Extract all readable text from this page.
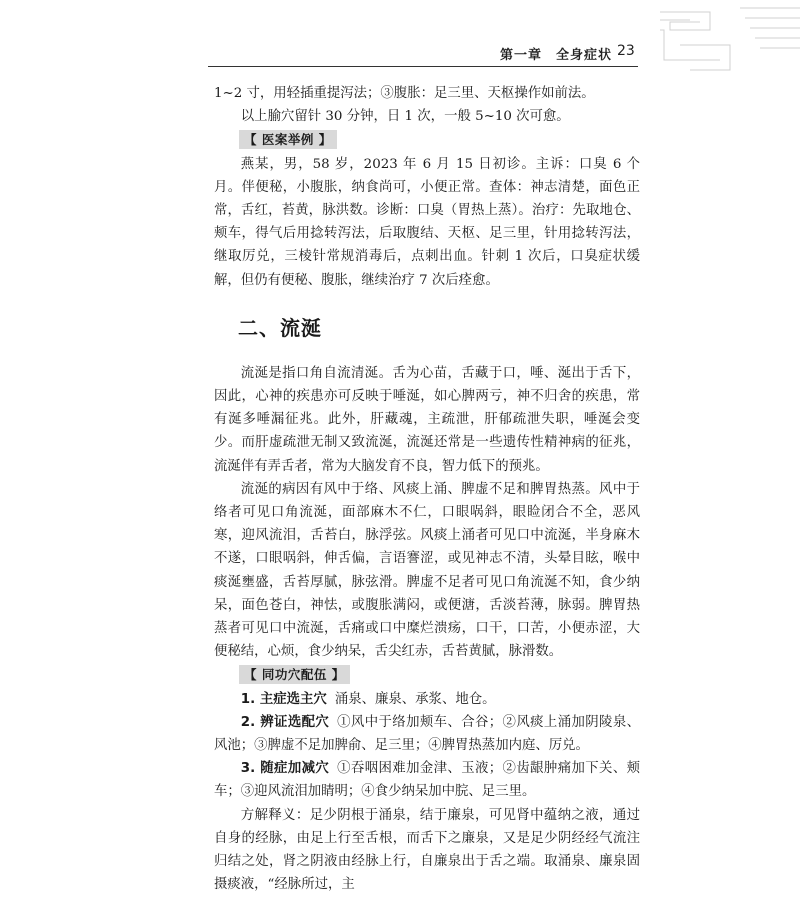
第一章　全身症状 23

1~2 寸，用轻插重提泻法；③腹胀：足三里、天枢操作如前法。

以上腧穴留针 30 分钟，日 1 次，一般 5~10 次可愈。

【 医案举例 】

燕某，男，58 岁，2023 年 6 月 15 日初诊。主诉：口臭 6 个月。伴便秘，小腹胀，纳食尚可，小便正常。查体：神志清楚，面色正常，舌红，苔黄，脉洪数。诊断：口臭（胃热上蒸）。治疗：先取地仓、颊车，得气后用捻转泻法，后取腹结、天枢、足三里，针用捻转泻法，继取厉兑，三棱针常规消毒后，点刺出血。针刺 1 次后，口臭症状缓解，但仍有便秘、腹胀，继续治疗 7 次后痊愈。

二、流涎

流涎是指口角自流清涎。舌为心苗，舌藏于口，唾、涎出于舌下，因此，心神的疾患亦可反映于唾涎，如心脾两亏，神不归舍的疾患，常有涎多唾漏征兆。此外，肝藏魂，主疏泄，肝郁疏泄失职，唾涎会变少。而肝虚疏泄无制又致流涎，流涎还常是一些遗传性精神病的征兆，流涎伴有弄舌者，常为大脑发育不良，智力低下的预兆。

流涎的病因有风中于络、风痰上涌、脾虚不足和脾胃热蒸。风中于络者可见口角流涎，面部麻木不仁，口眼㖞斜，眼睑闭合不全，恶风寒，迎风流泪，舌苔白，脉浮弦。风痰上涌者可见口中流涎，半身麻木不遂，口眼㖞斜，伸舌偏，言语謇涩，或见神志不清，头晕目眩，喉中痰涎壅盛，舌苔厚腻，脉弦滑。脾虚不足者可见口角流涎不知，食少纳呆，面色苍白，神怯，或腹胀满闷，或便溏，舌淡苔薄，脉弱。脾胃热蒸者可见口中流涎，舌痛或口中糜烂溃疡，口干，口苦，小便赤涩，大便秘结，心烦，食少纳呆，舌尖红赤，舌苔黄腻，脉滑数。

【 同功穴配伍 】

1. 主症选主穴 涌泉、廉泉、承浆、地仓。

2. 辨证选配穴 ①风中于络加颊车、合谷；②风痰上涌加阴陵泉、风池；③脾虚不足加脾俞、足三里；④脾胃热蒸加内庭、厉兑。

3. 随症加减穴 ①吞咽困难加金津、玉液；②齿龈肿痛加下关、颊车；③迎风流泪加睛明；④食少纳呆加中脘、足三里。

方解释义：足少阴根于涌泉，结于廉泉，可见肾中蕴纳之液，通过自身的经脉，由足上行至舌根，而舌下之廉泉，又是足少阴经经气流注归结之处，肾之阴液由经脉上行，自廉泉出于舌之端。取涌泉、廉泉固摄痰液，“经脉所过，主
